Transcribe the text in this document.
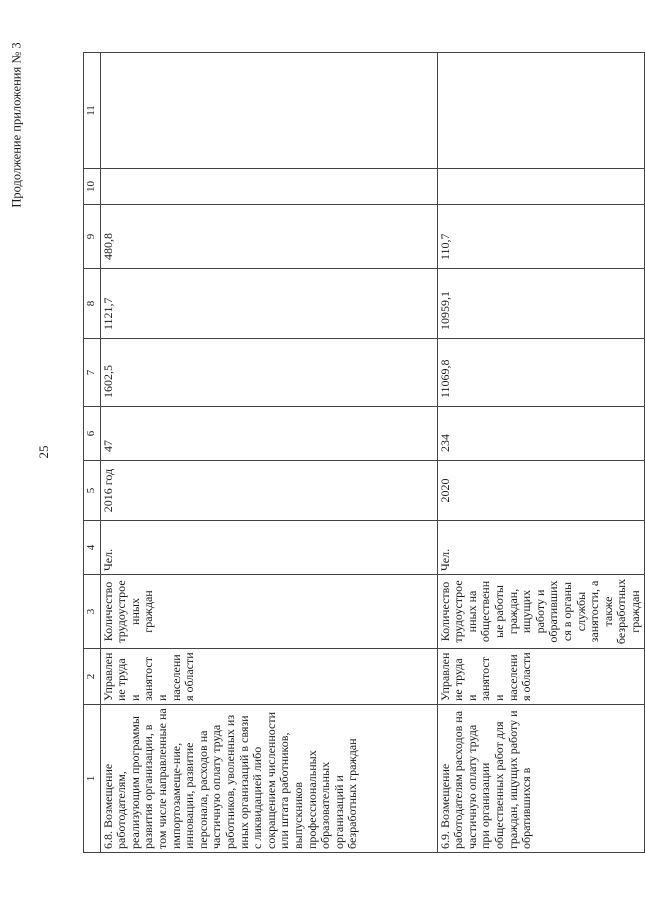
25
Продолжение приложения № 3
1	2	3	4	5	6	7	8	9	10	11
6.8. Возмещение работодателям, реализующим программы развития организации, в том числе направленные на импортозамеще-ние, инновации, развитие персонала, расходов на частичную оплату труда работников, уволенных из иных организаций в связи с ликвидацией либо сокращением численности или штата работников, выпускников профессиональных образовательных организаций и безработных граждан	Управление труда и занятости населения области	Количество трудоустроенных граждан	Чел.	2016 год	47	1602,5	1121,7	480,8		
6.9. Возмещение работодателям расходов на частичную оплату труда при организации общественных работ для граждан, ищущих работу и обратившихся в	Управление труда и занятости населения области	Количество трудоустроенных на общественные работы граждан, ищущих работу и обратившихся в органы службы занятости, а также безработных граждан	Чел.	2020	234	11069,8	10959,1	110,7		
